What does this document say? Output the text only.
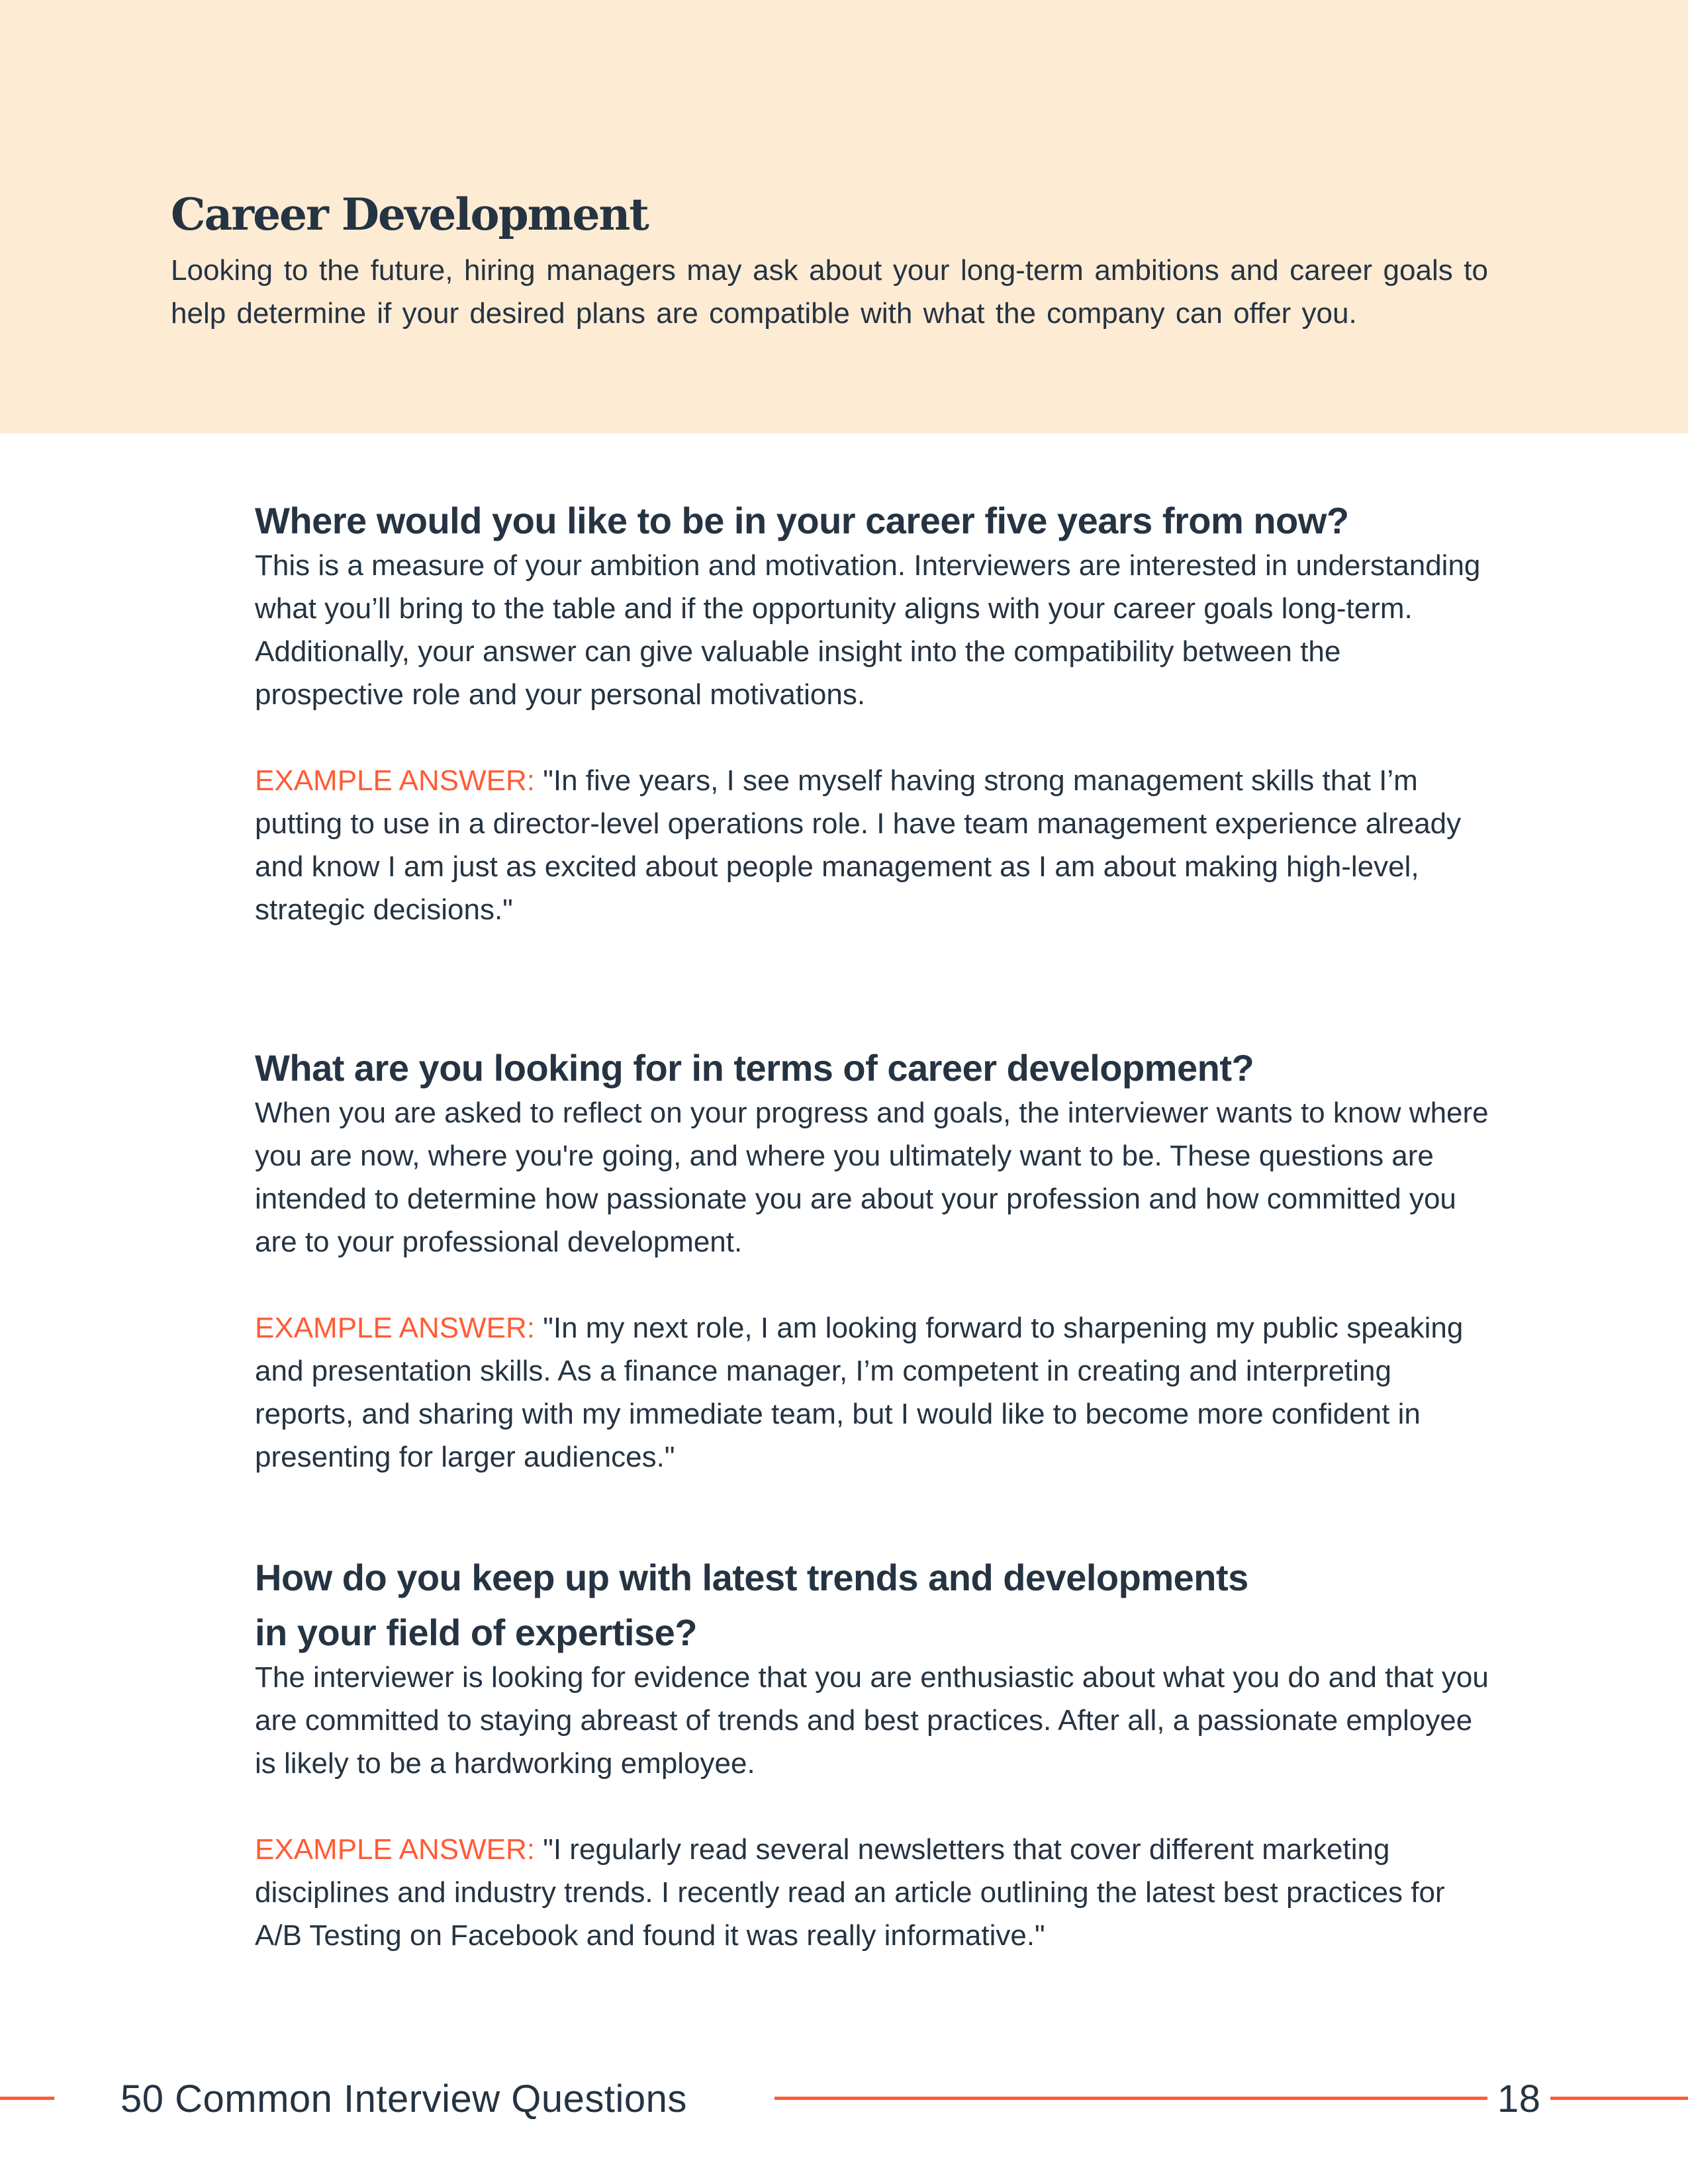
Career Development

Looking to the future, hiring managers may ask about your long-term ambitions and career goals to help determine if your desired plans are compatible with what the company can offer you.

Where would you like to be in your career five years from now?

This is a measure of your ambition and motivation. Interviewers are interested in understanding what you’ll bring to the table and if the opportunity aligns with your career goals long-term. Additionally, your answer can give valuable insight into the compatibility between the prospective role and your personal motivations.

EXAMPLE ANSWER: "In five years, I see myself having strong management skills that I’m putting to use in a director-level operations role. I have team management experience already and know I am just as excited about people management as I am about making high-level, strategic decisions."

What are you looking for in terms of career development?

When you are asked to reflect on your progress and goals, the interviewer wants to know where you are now, where you're going, and where you ultimately want to be. These questions are intended to determine how passionate you are about your profession and how committed you are to your professional development.

EXAMPLE ANSWER: "In my next role, I am looking forward to sharpening my public speaking and presentation skills. As a finance manager, I’m competent in creating and interpreting reports, and sharing with my immediate team, but I would like to become more confident in presenting for larger audiences."

How do you keep up with latest trends and developments
in your field of expertise?

The interviewer is looking for evidence that you are enthusiastic about what you do and that you are committed to staying abreast of trends and best practices. After all, a passionate employee is likely to be a hardworking employee.

EXAMPLE ANSWER: "I regularly read several newsletters that cover different marketing disciplines and industry trends. I recently read an article outlining the latest best practices for A/B Testing on Facebook and found it was really informative."

50 Common Interview Questions	18
